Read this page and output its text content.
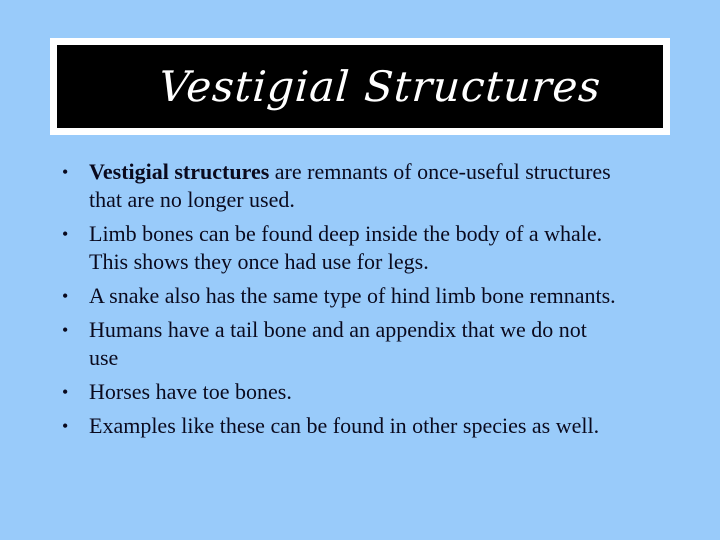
Vestigial Structures
• Vestigial structures are remnants of once-useful structures
that are no longer used.
• Limb bones can be found deep inside the body of a whale.
This shows they once had use for legs.
• A snake also has the same type of hind limb bone remnants.
• Humans have a tail bone and an appendix that we do not
use
• Horses have toe bones.
• Examples like these can be found in other species as well.
